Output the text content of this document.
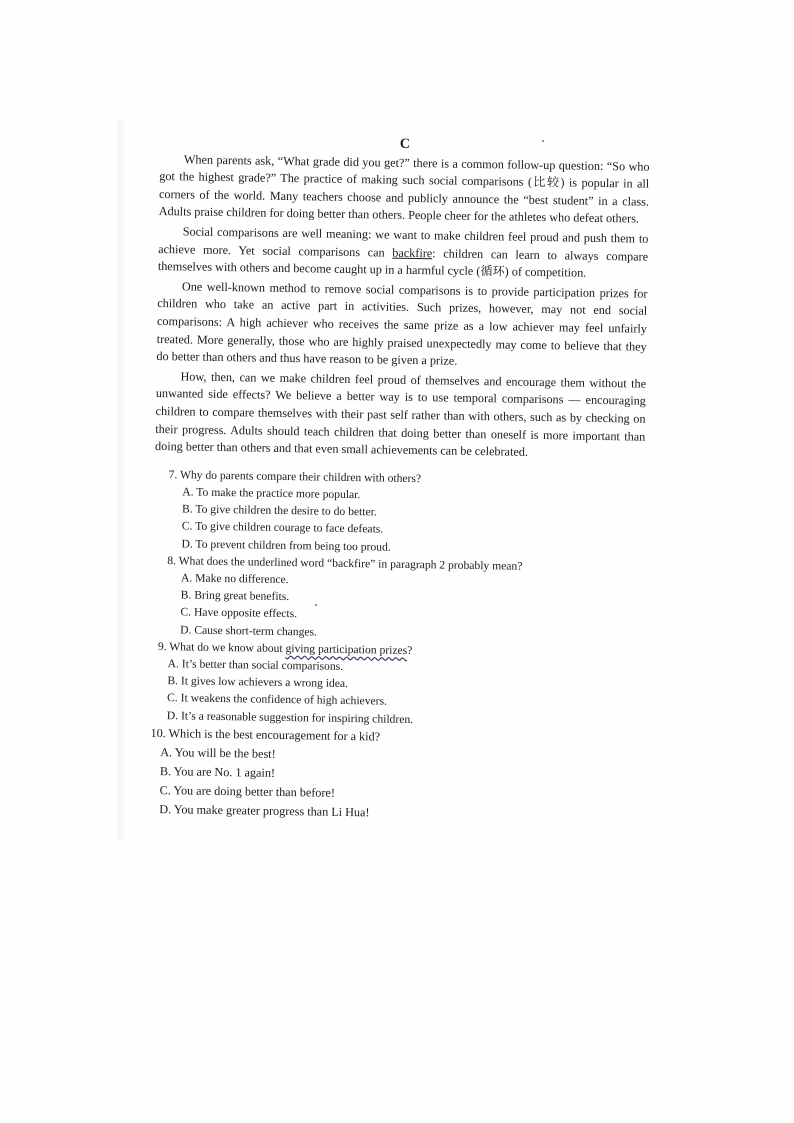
C

When parents ask, “What grade did you get?” there is a common follow-up question: “So who got the highest grade?” The practice of making such social comparisons (比较) is popular in all corners of the world. Many teachers choose and publicly announce the “best student” in a class. Adults praise children for doing better than others. People cheer for the athletes who defeat others.

Social comparisons are well meaning: we want to make children feel proud and push them to achieve more. Yet social comparisons can backfire: children can learn to always compare themselves with others and become caught up in a harmful cycle (循环) of competition.

One well-known method to remove social comparisons is to provide participation prizes for children who take an active part in activities. Such prizes, however, may not end social comparisons: A high achiever who receives the same prize as a low achiever may feel unfairly treated. More generally, those who are highly praised unexpectedly may come to believe that they do better than others and thus have reason to be given a prize.

How, then, can we make children feel proud of themselves and encourage them without the unwanted side effects? We believe a better way is to use temporal comparisons — encouraging children to compare themselves with their past self rather than with others, such as by checking on their progress. Adults should teach children that doing better than oneself is more important than doing better than others and that even small achievements can be celebrated.

7. Why do parents compare their children with others?
A. To make the practice more popular.
B. To give children the desire to do better.
C. To give children courage to face defeats.
D. To prevent children from being too proud.
8. What does the underlined word “backfire” in paragraph 2 probably mean?
A. Make no difference.
B. Bring great benefits.
C. Have opposite effects.
D. Cause short-term changes.
9. What do we know about giving participation prizes?
A. It’s better than social comparisons.
B. It gives low achievers a wrong idea.
C. It weakens the confidence of high achievers.
D. It’s a reasonable suggestion for inspiring children.
10. Which is the best encouragement for a kid?
A. You will be the best!
B. You are No. 1 again!
C. You are doing better than before!
D. You make greater progress than Li Hua!
